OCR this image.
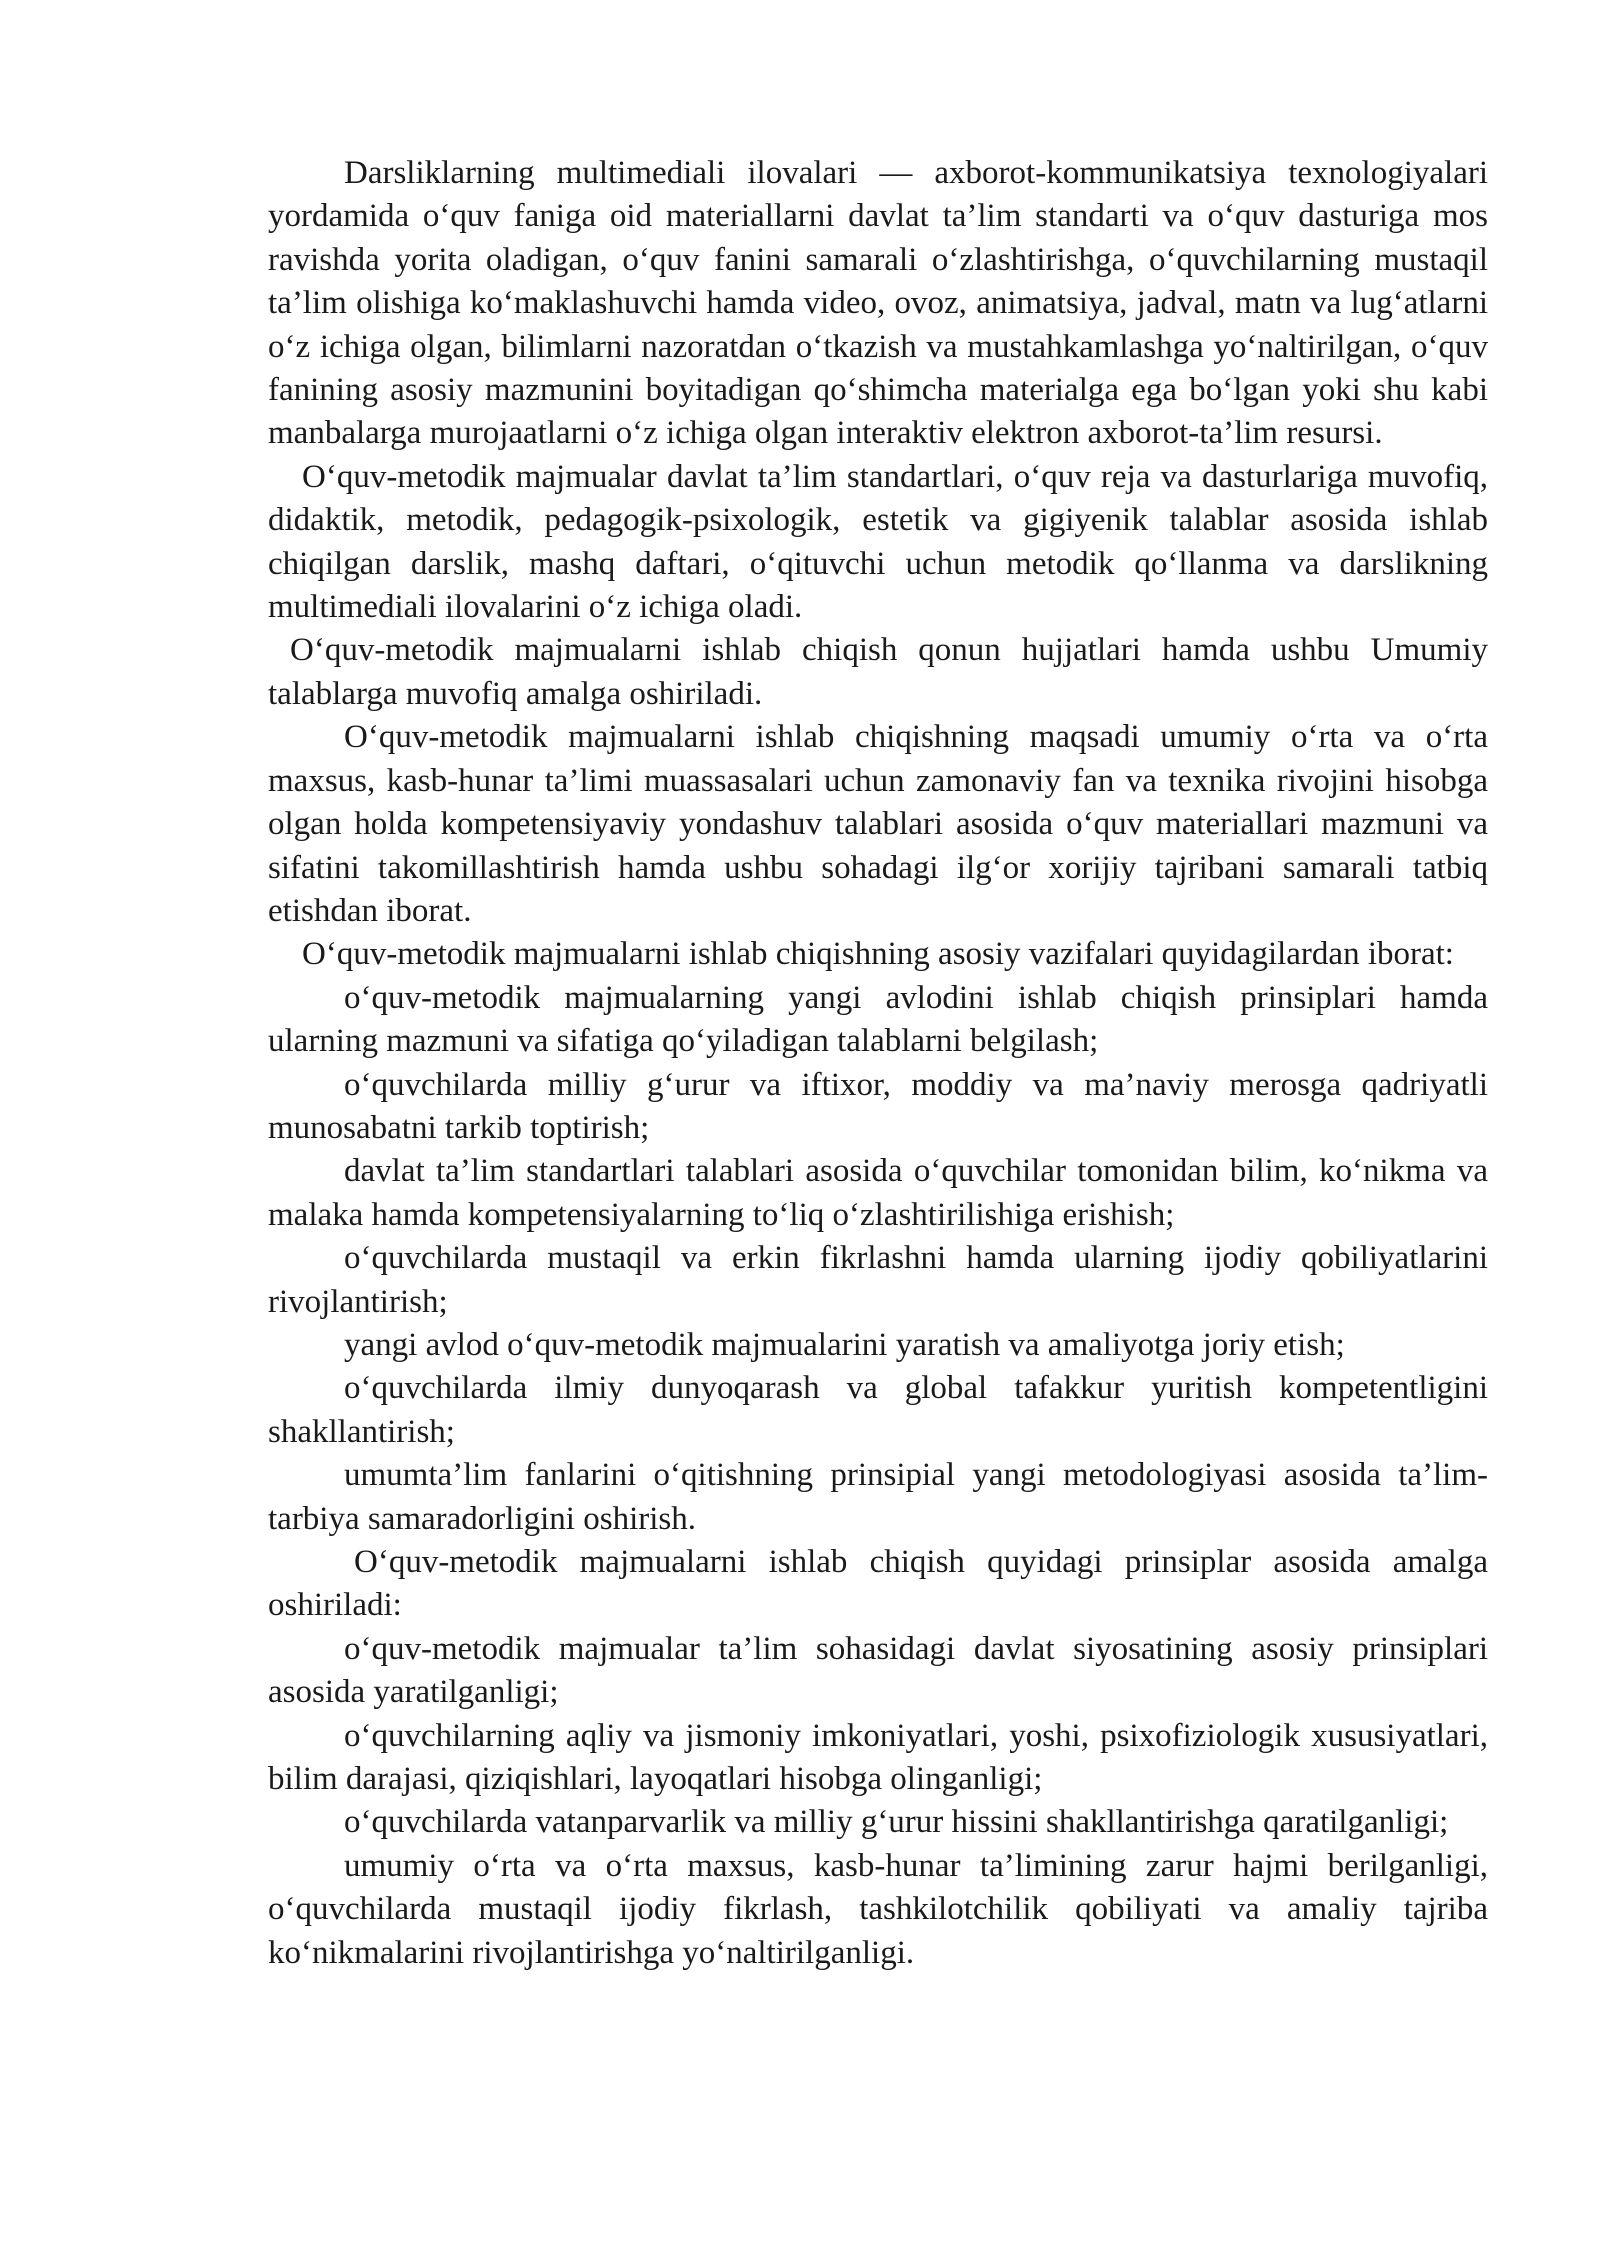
Darsliklarning multimediali ilovalari — axborot-kommunikatsiya texnologiyalari yordamida o‘quv faniga oid materiallarni davlat ta’lim standarti va o‘quv dasturiga mos ravishda yorita oladigan, o‘quv fanini samarali o‘zlashtirishga, o‘quvchilarning mustaqil ta’lim olishiga ko‘maklashuvchi hamda video, ovoz, animatsiya, jadval, matn va lug‘atlarni o‘z ichiga olgan, bilimlarni nazoratdan o‘tkazish va mustahkamlashga yo‘naltirilgan, o‘quv fanining asosiy mazmunini boyitadigan qo‘shimcha materialga ega bo‘lgan yoki shu kabi manbalarga murojaatlarni o‘z ichiga olgan interaktiv elektron axborot-ta’lim resursi.

O‘quv-metodik majmualar davlat ta’lim standartlari, o‘quv reja va dasturlariga muvofiq, didaktik, metodik, pedagogik-psixologik, estetik va gigiyenik talablar asosida ishlab chiqilgan darslik, mashq daftari, o‘qituvchi uchun metodik qo‘llanma va darslikning multimediali ilovalarini o‘z ichiga oladi.

O‘quv-metodik majmualarni ishlab chiqish qonun hujjatlari hamda ushbu Umumiy talablarga muvofiq amalga oshiriladi.

O‘quv-metodik majmualarni ishlab chiqishning maqsadi umumiy o‘rta va o‘rta maxsus, kasb-hunar ta’limi muassasalari uchun zamonaviy fan va texnika rivojini hisobga olgan holda kompetensiyaviy yondashuv talablari asosida o‘quv materiallari mazmuni va sifatini takomillashtirish hamda ushbu sohadagi ilg‘or xorijiy tajribani samarali tatbiq etishdan iborat.

O‘quv-metodik majmualarni ishlab chiqishning asosiy vazifalari quyidagilardan iborat:

o‘quv-metodik majmualarning yangi avlodini ishlab chiqish prinsiplari hamda ularning mazmuni va sifatiga qo‘yiladigan talablarni belgilash;

o‘quvchilarda milliy g‘urur va iftixor, moddiy va ma’naviy merosga qadriyatli munosabatni tarkib toptirish;

davlat ta’lim standartlari talablari asosida o‘quvchilar tomonidan bilim, ko‘nikma va malaka hamda kompetensiyalarning to‘liq o‘zlashtirilishiga erishish;

o‘quvchilarda mustaqil va erkin fikrlashni hamda ularning ijodiy qobiliyatlarini rivojlantirish;

yangi avlod o‘quv-metodik majmualarini yaratish va amaliyotga joriy etish;

o‘quvchilarda ilmiy dunyoqarash va global tafakkur yuritish kompetentligini shakllantirish;

umumta’lim fanlarini o‘qitishning prinsipial yangi metodologiyasi asosida ta’lim-tarbiya samaradorligini oshirish.

O‘quv-metodik majmualarni ishlab chiqish quyidagi prinsiplar asosida amalga oshiriladi:

o‘quv-metodik majmualar ta’lim sohasidagi davlat siyosatining asosiy prinsiplari asosida yaratilganligi;

o‘quvchilarning aqliy va jismoniy imkoniyatlari, yoshi, psixofiziologik xususiyatlari, bilim darajasi, qiziqishlari, layoqatlari hisobga olinganligi;

o‘quvchilarda vatanparvarlik va milliy g‘urur hissini shakllantirishga qaratilganligi;

umumiy o‘rta va o‘rta maxsus, kasb-hunar ta’limining zarur hajmi berilganligi, o‘quvchilarda mustaqil ijodiy fikrlash, tashkilotchilik qobiliyati va amaliy tajriba ko‘nikmalarini rivojlantirishga yo‘naltirilganligi.
